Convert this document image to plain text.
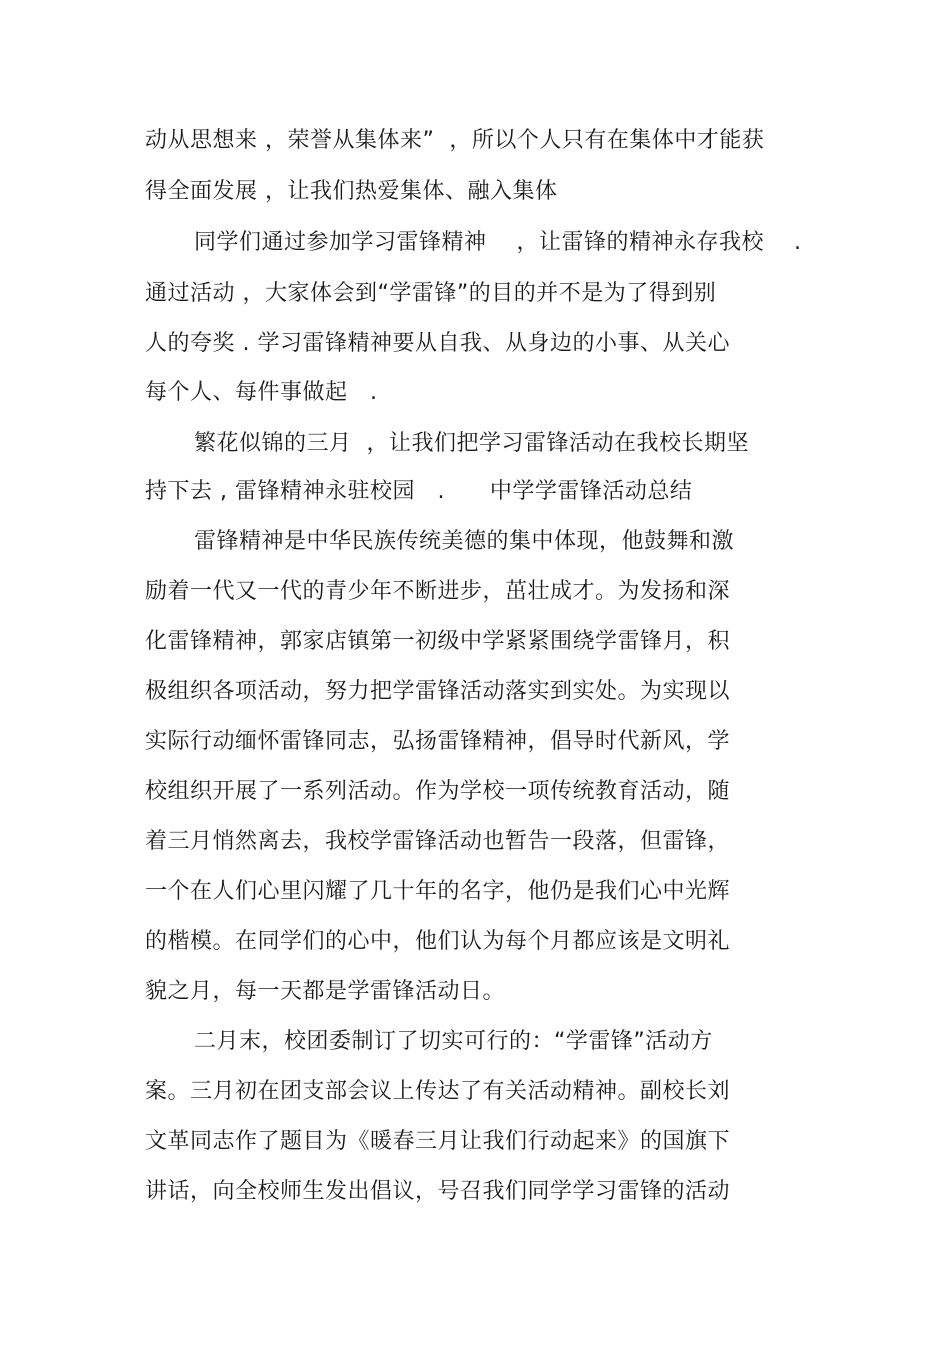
动从思想来 ，荣誉从集体来”  ，所以个人只有在集体中才能获
得全面发展 ，让我们热爱集体、融入集体
同学们通过参加学习雷锋精神    ，让雷锋的精神永存我校    .
通过活动 ，大家体会到“学雷锋”的目的并不是为了得到别
人的夸奖 . 学习雷锋精神要从自我、从身边的小事、从关心
每个人、每件事做起   .
繁花似锦的三月  ，让我们把学习雷锋活动在我校长期坚
持下去 , 雷锋精神永驻校园   .      中学学雷锋活动总结
雷锋精神是中华民族传统美德的集中体现，他鼓舞和激
励着一代又一代的青少年不断进步，茁壮成才。为发扬和深
化雷锋精神，郭家店镇第一初级中学紧紧围绕学雷锋月，积
极组织各项活动，努力把学雷锋活动落实到实处。为实现以
实际行动缅怀雷锋同志，弘扬雷锋精神，倡导时代新风，学
校组织开展了一系列活动。作为学校一项传统教育活动，随
着三月悄然离去，我校学雷锋活动也暂告一段落，但雷锋，
一个在人们心里闪耀了几十年的名字，他仍是我们心中光辉
的楷模。在同学们的心中，他们认为每个月都应该是文明礼
貌之月，每一天都是学雷锋活动日。
二月末，校团委制订了切实可行的：“学雷锋”活动方
案。三月初在团支部会议上传达了有关活动精神。副校长刘
文革同志作了题目为《暖春三月让我们行动起来》的国旗下
讲话，向全校师生发出倡议，号召我们同学学习雷锋的活动
